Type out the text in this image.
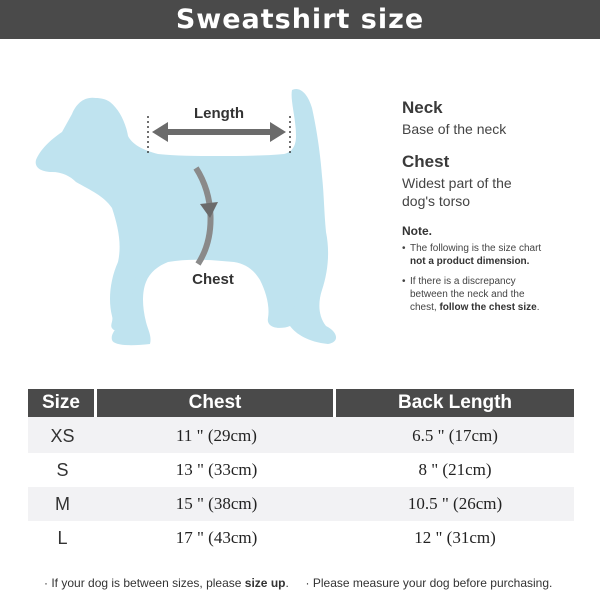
Sweatshirt size
Length
Chest

Neck

Base of the neck

Chest

Widest part of the
dog's torso

Note.

• The following is the size chart
not a product dimension.

• If there is a discrepancy
between the neck and the
chest, follow the chest size.

Size	Chest	Back Length
XS	11 " (29cm)	6.5 " (17cm)
S	13 " (33cm)	8 " (21cm)
M	15 " (38cm)	10.5 " (26cm)
L	17 " (43cm)	12 " (31cm)
· If your dog is between sizes, please size up. · Please measure your dog before purchasing.
